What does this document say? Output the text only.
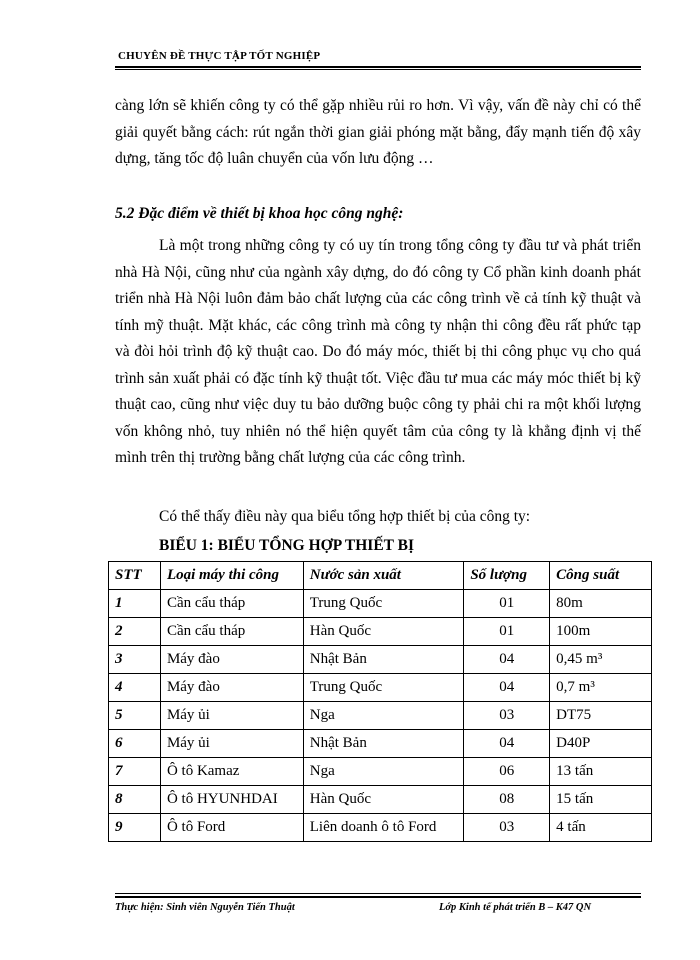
CHUYÊN ĐỀ THỰC TẬP TỐT NGHIỆP

càng lớn sẽ khiến công ty có thể gặp nhiều rủi ro hơn. Vì vậy, vấn đề này chỉ có thể giải quyết bằng cách: rút ngắn thời gian giải phóng mặt bằng, đẩy mạnh tiến độ xây dựng, tăng tốc độ luân chuyển của vốn lưu động …

5.2 Đặc điểm về thiết bị khoa học công nghệ:

Là một trong những công ty có uy tín trong tổng công ty đầu tư và phát triển nhà Hà Nội, cũng như của ngành xây dựng, do đó công ty Cổ phần kinh doanh phát triển nhà Hà Nội luôn đảm bảo chất lượng của các công trình về cả tính kỹ thuật và tính mỹ thuật. Mặt khác, các công trình mà công ty nhận thi công đều rất phức tạp và đòi hỏi trình độ kỹ thuật cao. Do đó máy móc, thiết bị thi công phục vụ cho quá trình sản xuất phải có đặc tính kỹ thuật tốt. Việc đầu tư mua các máy móc thiết bị kỹ thuật cao, cũng như việc duy tu bảo dưỡng buộc công ty phải chi ra một khối lượng vốn không nhỏ, tuy nhiên nó thể hiện quyết tâm của công ty là khẳng định vị thế mình trên thị trường bằng chất lượng của các công trình.

Có thể thấy điều này qua biểu tổng hợp thiết bị của công ty:

BIỂU 1: BIỂU TỔNG HỢP THIẾT BỊ

STT	Loại máy thi công	Nước sản xuất	Số lượng	Công suất
1	Cần cẩu tháp	Trung Quốc	01	80m
2	Cần cẩu tháp	Hàn Quốc	01	100m
3	Máy đào	Nhật Bản	04	0,45 m³
4	Máy đào	Trung Quốc	04	0,7 m³
5	Máy ủi	Nga	03	DT75
6	Máy ủi	Nhật Bản	04	D40P
7	Ô tô Kamaz	Nga	06	13 tấn
8	Ô tô HYUNHDAI	Hàn Quốc	08	15 tấn
9	Ô tô Ford	Liên doanh ô tô Ford	03	4 tấn
Thực hiện: Sinh viên Nguyễn Tiến Thuật	Lớp Kinh tế phát triển B – K47 QN
